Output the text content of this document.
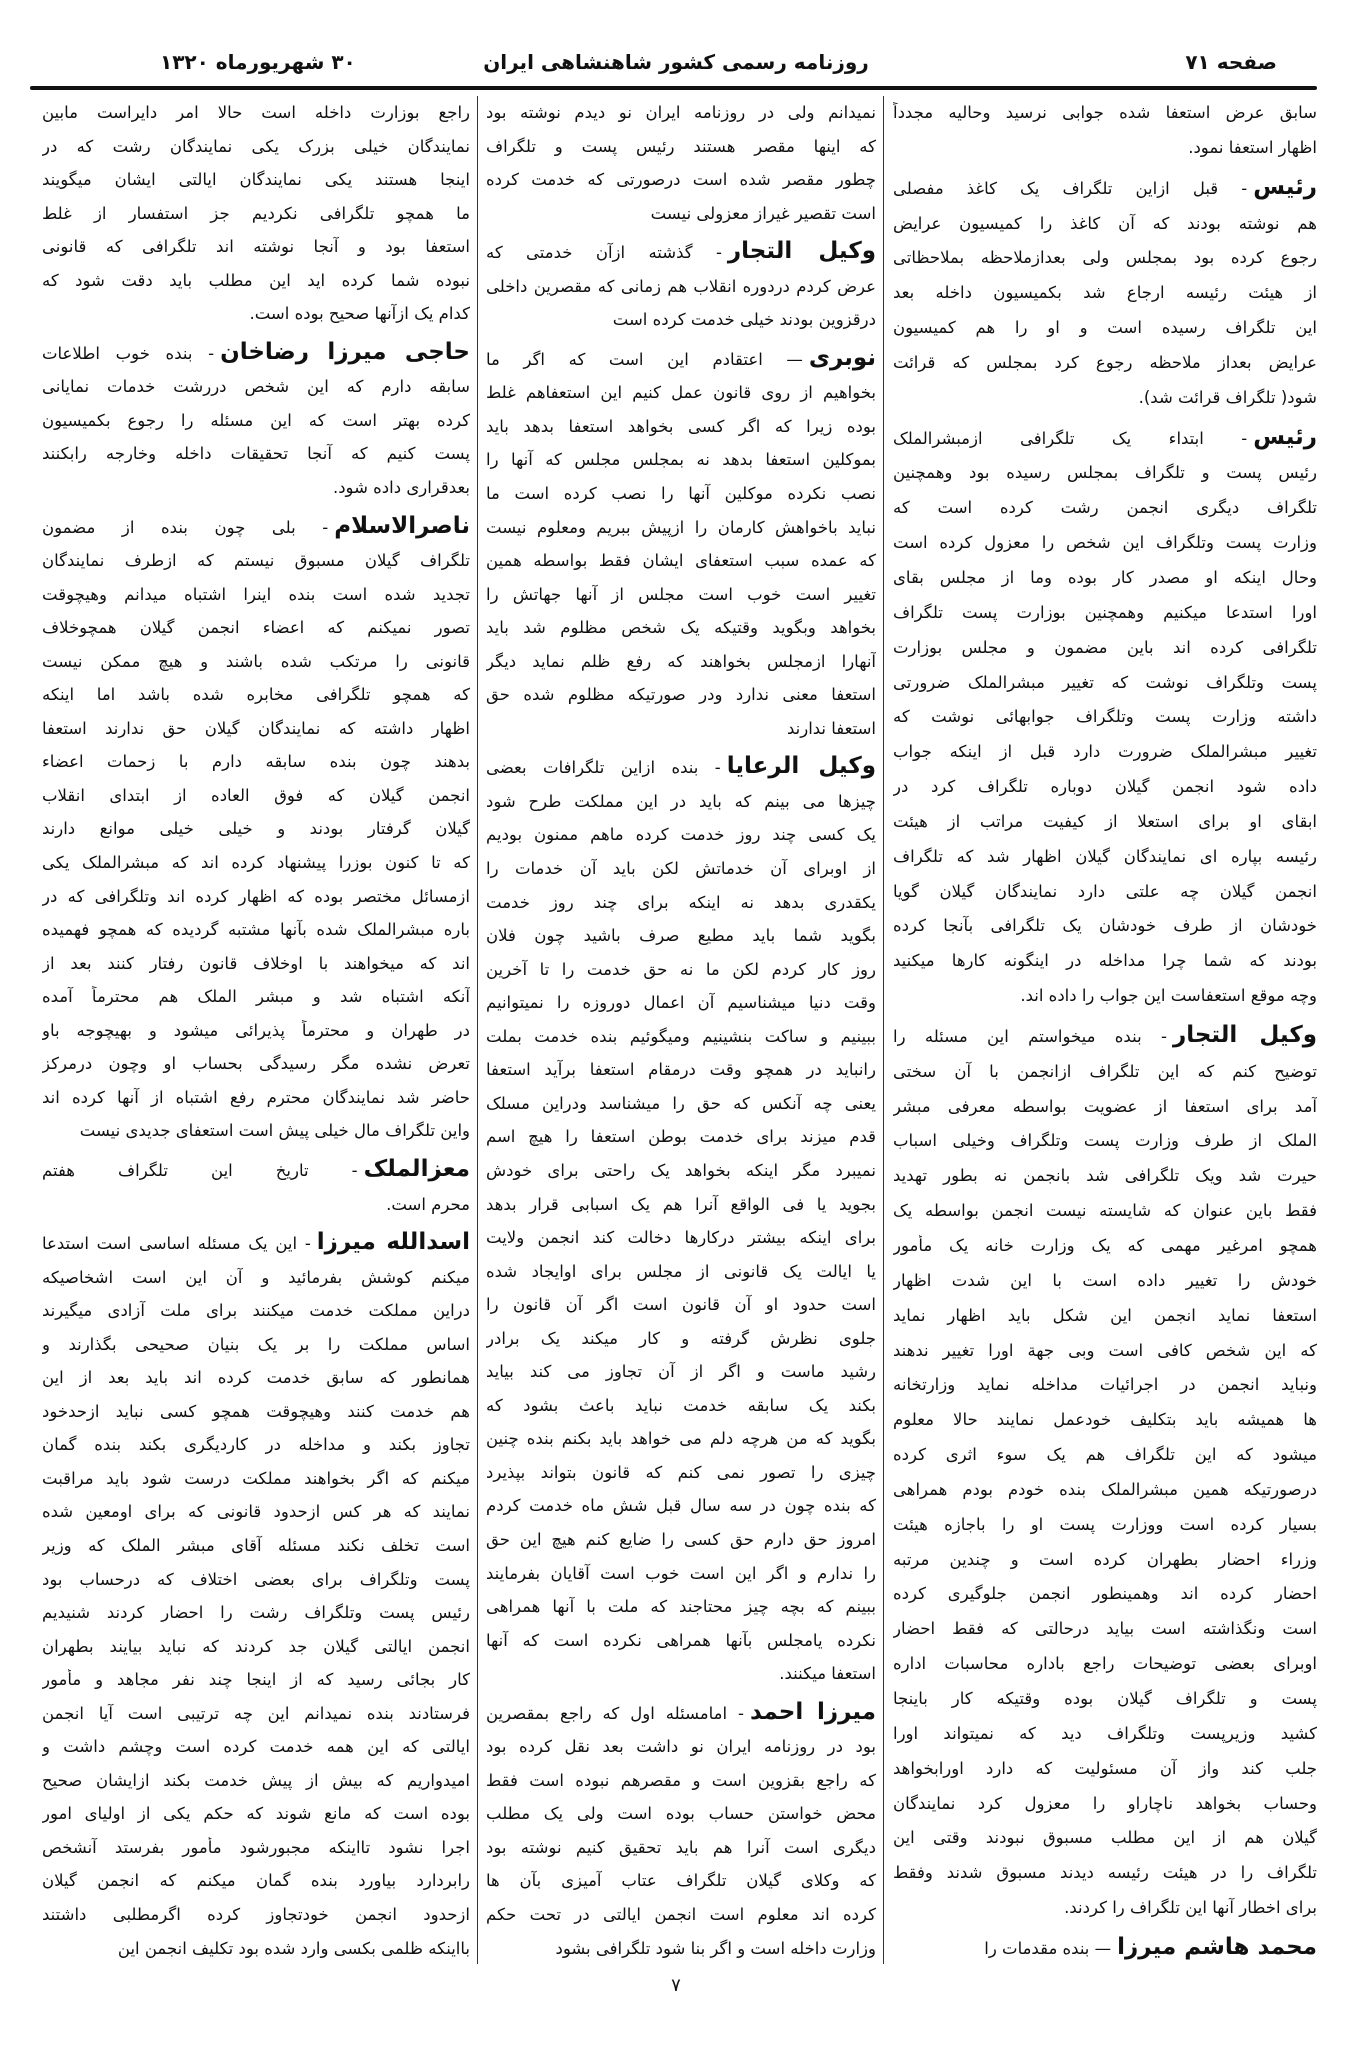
صفحه ۷۱
روزنامه رسمی کشور شاهنشاهی ایران
۳۰ شهریورماه ۱۳۲۰
سابق عرض استعفا شده جوابی نرسید وحالیه مجدداً
اظهار استعفا نمود.
رئیس- قبل ازاین تلگراف یک کاغذ مفصلی
هم نوشته بودند که آن کاغذ را کمیسیون عرایض
رجوع کرده بود بمجلس ولی بعدازملاحظه بملاحظاتی
از هیئت رئیسه ارجاع شد بکمیسیون داخله بعد
این تلگراف رسیده است و او را هم کمیسیون
عرایض بعداز ملاحظه رجوع کرد بمجلس که قرائت
شود( تلگراف قرائت شد).
رئیس- ابتداء یک تلگرافی ازمبشرالملک
رئیس پست و تلگراف بمجلس رسیده بود وهمچنین
تلگراف دیگری انجمن رشت کرده است که
وزارت پست وتلگراف این شخص را معزول کرده است
وحال اینکه او مصدر کار بوده وما از مجلس بقای
اورا استدعا میکنیم وهمچنین بوزارت پست تلگراف
تلگرافی کرده اند باین مضمون و مجلس بوزارت
پست وتلگراف نوشت که تغییر مبشرالملک ضرورتی
داشته وزارت پست وتلگراف جوابهائی نوشت که
تغییر مبشرالملک ضرورت دارد قبل از اینکه جواب
داده شود انجمن گیلان دوباره تلگراف کرد در
ابقای او برای استعلا از کیفیت مراتب از هیئت
رئیسه بپاره ای نمایندگان گیلان اظهار شد که تلگراف
انجمن گیلان چه علتی دارد نمایندگان گیلان گویا
خودشان از طرف خودشان یک تلگرافی بآنجا کرده
بودند که شما چرا مداخله در اینگونه کارها میکنید
وچه موقع استعفاست این جواب را داده اند.
وکیل التجار- بنده میخواستم این مسئله را
توضیح کنم که این تلگراف ازانجمن با آن سختی
آمد برای استعفا از عضویت بواسطه معرفی مبشر
الملک از طرف وزارت پست وتلگراف وخیلی اسباب
حیرت شد ویک تلگرافی شد بانجمن نه بطور تهدید
فقط باین عنوان که شایسته نیست انجمن بواسطه یک
همچو امرغیر مهمی که یک وزارت خانه یک مأمور
خودش را تغییر داده است با این شدت اظهار
استعفا نماید انجمن این شکل باید اظهار نماید
که این شخص کافی است وبی جهة اورا تغییر ندهند
ونباید انجمن در اجرائیات مداخله نماید وزارتخانه
ها همیشه باید بتکلیف خودعمل نمایند حالا معلوم
میشود که این تلگراف هم یک سوء اثری کرده
درصورتیکه همین مبشرالملک بنده خودم بودم همراهی
بسیار کرده است ووزارت پست او را باجازه هیئت
وزراء احضار بطهران کرده است و چندین مرتبه
احضار کرده اند وهمینطور انجمن جلوگیری کرده
است ونگذاشته است بیاید درحالتی که فقط احضار
اوبرای بعضی توضیحات راجع باداره محاسبات اداره
پست و تلگراف گیلان بوده وقتیکه کار باینجا
کشید وزیرپست وتلگراف دید که نمیتواند اورا
جلب کند واز آن مسئولیت که دارد اورابخواهد
وحساب بخواهد ناچاراو را معزول کرد نمایندگان
گیلان هم از این مطلب مسبوق نبودند وقتی این
تلگراف را در هیئت رئیسه دیدند مسبوق شدند وفقط
برای اخطار آنها این تلگراف را کردند.
محمد هاشم میرزا— بنده مقدمات را
نمیدانم ولی در روزنامه ایران نو دیدم نوشته بود
که اینها مقصر هستند رئیس پست و تلگراف
چطور مقصر شده است درصورتی که خدمت کرده
است تقصیر غیراز معزولی نیست
وکیل التجار- گذشته ازآن خدمتی که
عرض کردم دردوره انقلاب هم زمانی که مقصرین داخلی
درقزوین بودند خیلی خدمت کرده است
نوبری— اعتقادم این است که اگر ما
بخواهیم از روی قانون عمل کنیم این استعفاهم غلط
بوده زیرا که اگر کسی بخواهد استعفا بدهد باید
بموکلین استعفا بدهد نه بمجلس مجلس که آنها را
نصب نکرده موکلین آنها را نصب کرده است ما
نباید باخواهش کارمان را ازپیش ببریم ومعلوم نیست
که عمده سبب استعفای ایشان فقط بواسطه همین
تغییر است خوب است مجلس از آنها جهاتش را
بخواهد وبگوید وقتیکه یک شخص مظلوم شد باید
آنهارا ازمجلس بخواهند که رفع ظلم نماید دیگر
استعفا معنی ندارد ودر صورتیکه مظلوم شده حق
استعفا ندارند
وکیل الرعایا- بنده ازاین تلگرافات بعضی
چیزها می بینم که باید در این مملکت طرح شود
یک کسی چند روز خدمت کرده ماهم ممنون بودیم
از اوبرای آن خدماتش لکن باید آن خدمات را
یکقدری بدهد نه اینکه برای چند روز خدمت
بگوید شما باید مطیع صرف باشید چون فلان
روز کار کردم لکن ما نه حق خدمت را تا آخرین
وقت دنیا میشناسیم آن اعمال دوروزه را نمیتوانیم
ببینیم و ساکت بنشینیم ومیگوئیم بنده خدمت بملت
رانباید در همچو وقت درمقام استعفا برآید استعفا
یعنی چه آنکس که حق را میشناسد ودراین مسلک
قدم میزند برای خدمت بوطن استعفا را هیچ اسم
نمیبرد مگر اینکه بخواهد یک راحتی برای خودش
بجوید یا فی الواقع آنرا هم یک اسبابی قرار بدهد
برای اینکه بیشتر درکارها دخالت کند انجمن ولایت
یا ایالت یک قانونی از مجلس برای اوایجاد شده
است حدود او آن قانون است اگر آن قانون را
جلوی نظرش گرفته و کار میکند یک برادر
رشید ماست و اگر از آن تجاوز می کند بیاید
بکند یک سابقه خدمت نباید باعث بشود که
بگوید که من هرچه دلم می خواهد باید بکنم بنده چنین
چیزی را تصور نمی کنم که قانون بتواند بپذیرد
که بنده چون در سه سال قبل شش ماه خدمت کردم
امروز حق دارم حق کسی را ضایع کنم هیچ این حق
را ندارم و اگر این است خوب است آقایان بفرمایند
ببینم که بچه چیز محتاجند که ملت با آنها همراهی
نکرده یامجلس بآنها همراهی نکرده است که آنها
استعفا میکنند.
میرزا احمد- امامسئله اول که راجع بمقصرین
بود در روزنامه ایران نو داشت بعد نقل کرده بود
که راجع بقزوین است و مقصرهم نبوده است فقط
محض خواستن حساب بوده است ولی یک مطلب
دیگری است آنرا هم باید تحقیق کنیم نوشته بود
که وکلای گیلان تلگراف عتاب آمیزی بآن ها
کرده اند معلوم است انجمن ایالتی در تحت حکم
وزارت داخله است و اگر بنا شود تلگرافی بشود
راجع بوزارت داخله است حالا امر دایراست مابین
نمایندگان خیلی بزرک یکی نمایندگان رشت که در
اینجا هستند یکی نمایندگان ایالتی ایشان میگویند
ما همچو تلگرافی نکردیم جز استفسار از غلط
استعفا بود و آنجا نوشته اند تلگرافی که قانونی
نبوده شما کرده اید این مطلب باید دقت شود که
کدام یک ازآنها صحیح بوده است.
حاجی میرزا رضاخان- بنده خوب اطلاعات
سابقه دارم که این شخص دررشت خدمات نمایانی
کرده بهتر است که این مسئله را رجوع بکمیسیون
پست کنیم که آنجا تحقیقات داخله وخارجه رابکنند
بعدقراری داده شود.
ناصرالاسلام- بلی چون بنده از مضمون
تلگراف گیلان مسبوق نیستم که ازطرف نمایندگان
تجدید شده است بنده اینرا اشتباه میدانم وهیچوقت
تصور نمیکنم که اعضاء انجمن گیلان همچوخلاف
قانونی را مرتکب شده باشند و هیچ ممکن نیست
که همچو تلگرافی مخابره شده باشد اما اینکه
اظهار داشته که نمایندگان گیلان حق ندارند استعفا
بدهند چون بنده سابقه دارم با زحمات اعضاء
انجمن گیلان که فوق العاده از ابتدای انقلاب
گیلان گرفتار بودند و خیلی خیلی موانع دارند
که تا کنون بوزرا پیشنهاد کرده اند که مبشرالملک یکی
ازمسائل مختصر بوده که اظهار کرده اند وتلگرافی که در
باره مبشرالملک شده بآنها مشتبه گردیده که همچو فهمیده
اند که میخواهند با اوخلاف قانون رفتار کنند بعد از
آنکه اشتباه شد و مبشر الملک هم محترماً آمده
در طهران و محترماً پذیرائی میشود و بهیچوجه باو
تعرض نشده مگر رسیدگی بحساب او وچون درمرکز
حاضر شد نمایندگان محترم رفع اشتباه از آنها کرده اند
واین تلگراف مال خیلی پیش است استعفای جدیدی نیست
معزالملک- تاریخ این تلگراف هفتم
محرم است.
اسدالله میرزا- این یک مسئله اساسی است استدعا
میکنم کوشش بفرمائید و آن این است اشخاصیکه
دراین مملکت خدمت میکنند برای ملت آزادی میگیرند
اساس مملکت را بر یک بنیان صحیحی بگذارند و
همانطور که سابق خدمت کرده اند باید بعد از این
هم خدمت کنند وهیچوقت همچو کسی نباید ازحدخود
تجاوز بکند و مداخله در کاردیگری بکند بنده گمان
میکنم که اگر بخواهند مملکت درست شود باید مراقبت
نمایند که هر کس ازحدود قانونی که برای اومعین شده
است تخلف نکند مسئله آقای مبشر الملک که وزیر
پست وتلگراف برای بعضی اختلاف که درحساب بود
رئیس پست وتلگراف رشت را احضار کردند شنیدیم
انجمن ایالتی گیلان جد کردند که نباید بیایند بطهران
کار بجائی رسید که از اینجا چند نفر مجاهد و مأمور
فرستادند بنده نمیدانم این چه ترتیبی است آیا انجمن
ایالتی که این همه خدمت کرده است وچشم داشت و
امیدواریم که بیش از پیش خدمت بکند ازایشان صحیح
بوده است که مانع شوند که حکم یکی از اولیای امور
اجرا نشود تااینکه مجبورشود مأمور بفرستد آنشخص
رابردارد بیاورد بنده گمان میکنم که انجمن گیلان
ازحدود انجمن خودتجاوز کرده اگرمطلبی داشتند
بااینکه ظلمی بکسی وارد شده بود تکلیف انجمن این
۷
